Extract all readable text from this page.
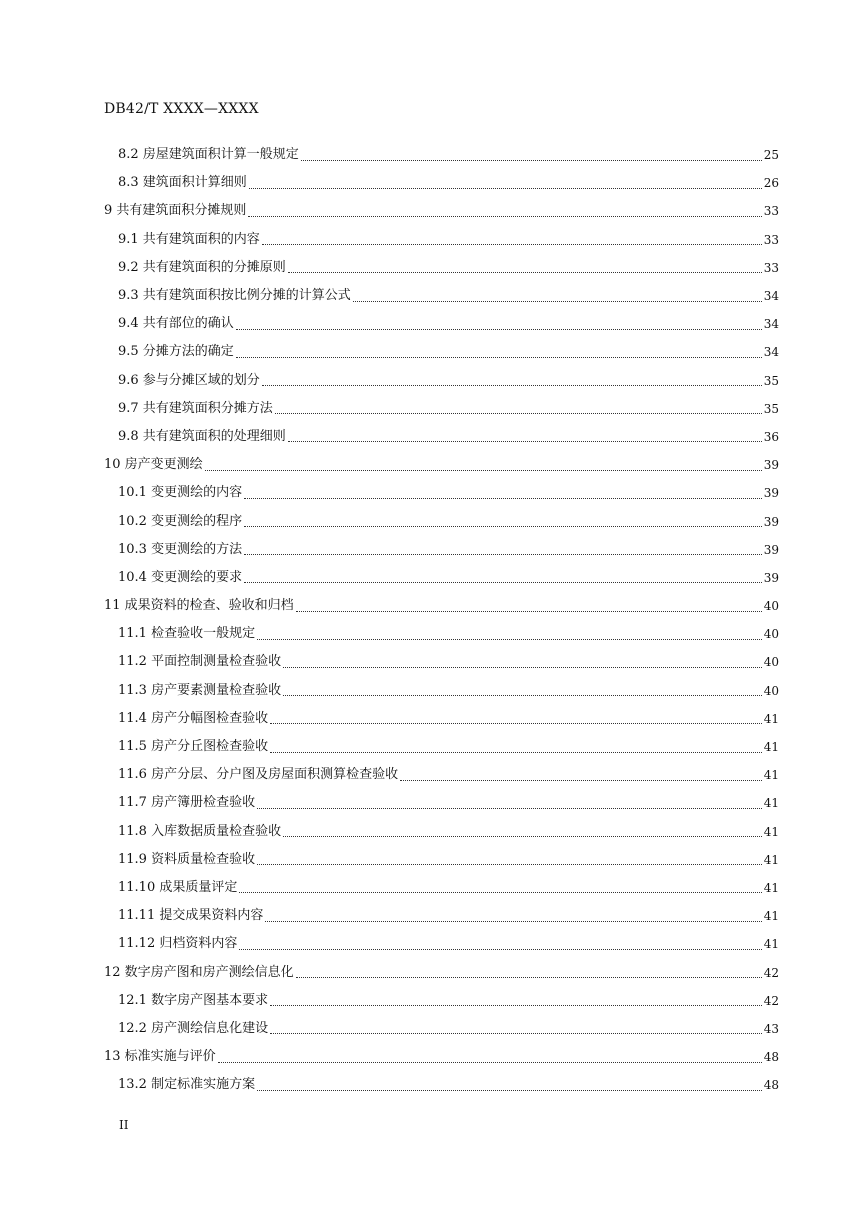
DB42/T XXXX—XXXX
8.2 房屋建筑面积计算一般规定	25
8.3 建筑面积计算细则	26
9 共有建筑面积分摊规则	33
9.1 共有建筑面积的内容	33
9.2 共有建筑面积的分摊原则	33
9.3 共有建筑面积按比例分摊的计算公式	34
9.4 共有部位的确认	34
9.5 分摊方法的确定	34
9.6 参与分摊区域的划分	35
9.7 共有建筑面积分摊方法	35
9.8 共有建筑面积的处理细则	36
10 房产变更测绘	39
10.1 变更测绘的内容	39
10.2 变更测绘的程序	39
10.3 变更测绘的方法	39
10.4 变更测绘的要求	39
11 成果资料的检查、验收和归档	40
11.1 检查验收一般规定	40
11.2 平面控制测量检查验收	40
11.3 房产要素测量检查验收	40
11.4 房产分幅图检查验收	41
11.5 房产分丘图检查验收	41
11.6 房产分层、分户图及房屋面积测算检查验收	41
11.7 房产簿册检查验收	41
11.8 入库数据质量检查验收	41
11.9 资料质量检查验收	41
11.10 成果质量评定	41
11.11 提交成果资料内容	41
11.12 归档资料内容	41
12 数字房产图和房产测绘信息化	42
12.1 数字房产图基本要求	42
12.2 房产测绘信息化建设	43
13 标准实施与评价	48
13.2 制定标准实施方案	48
II
